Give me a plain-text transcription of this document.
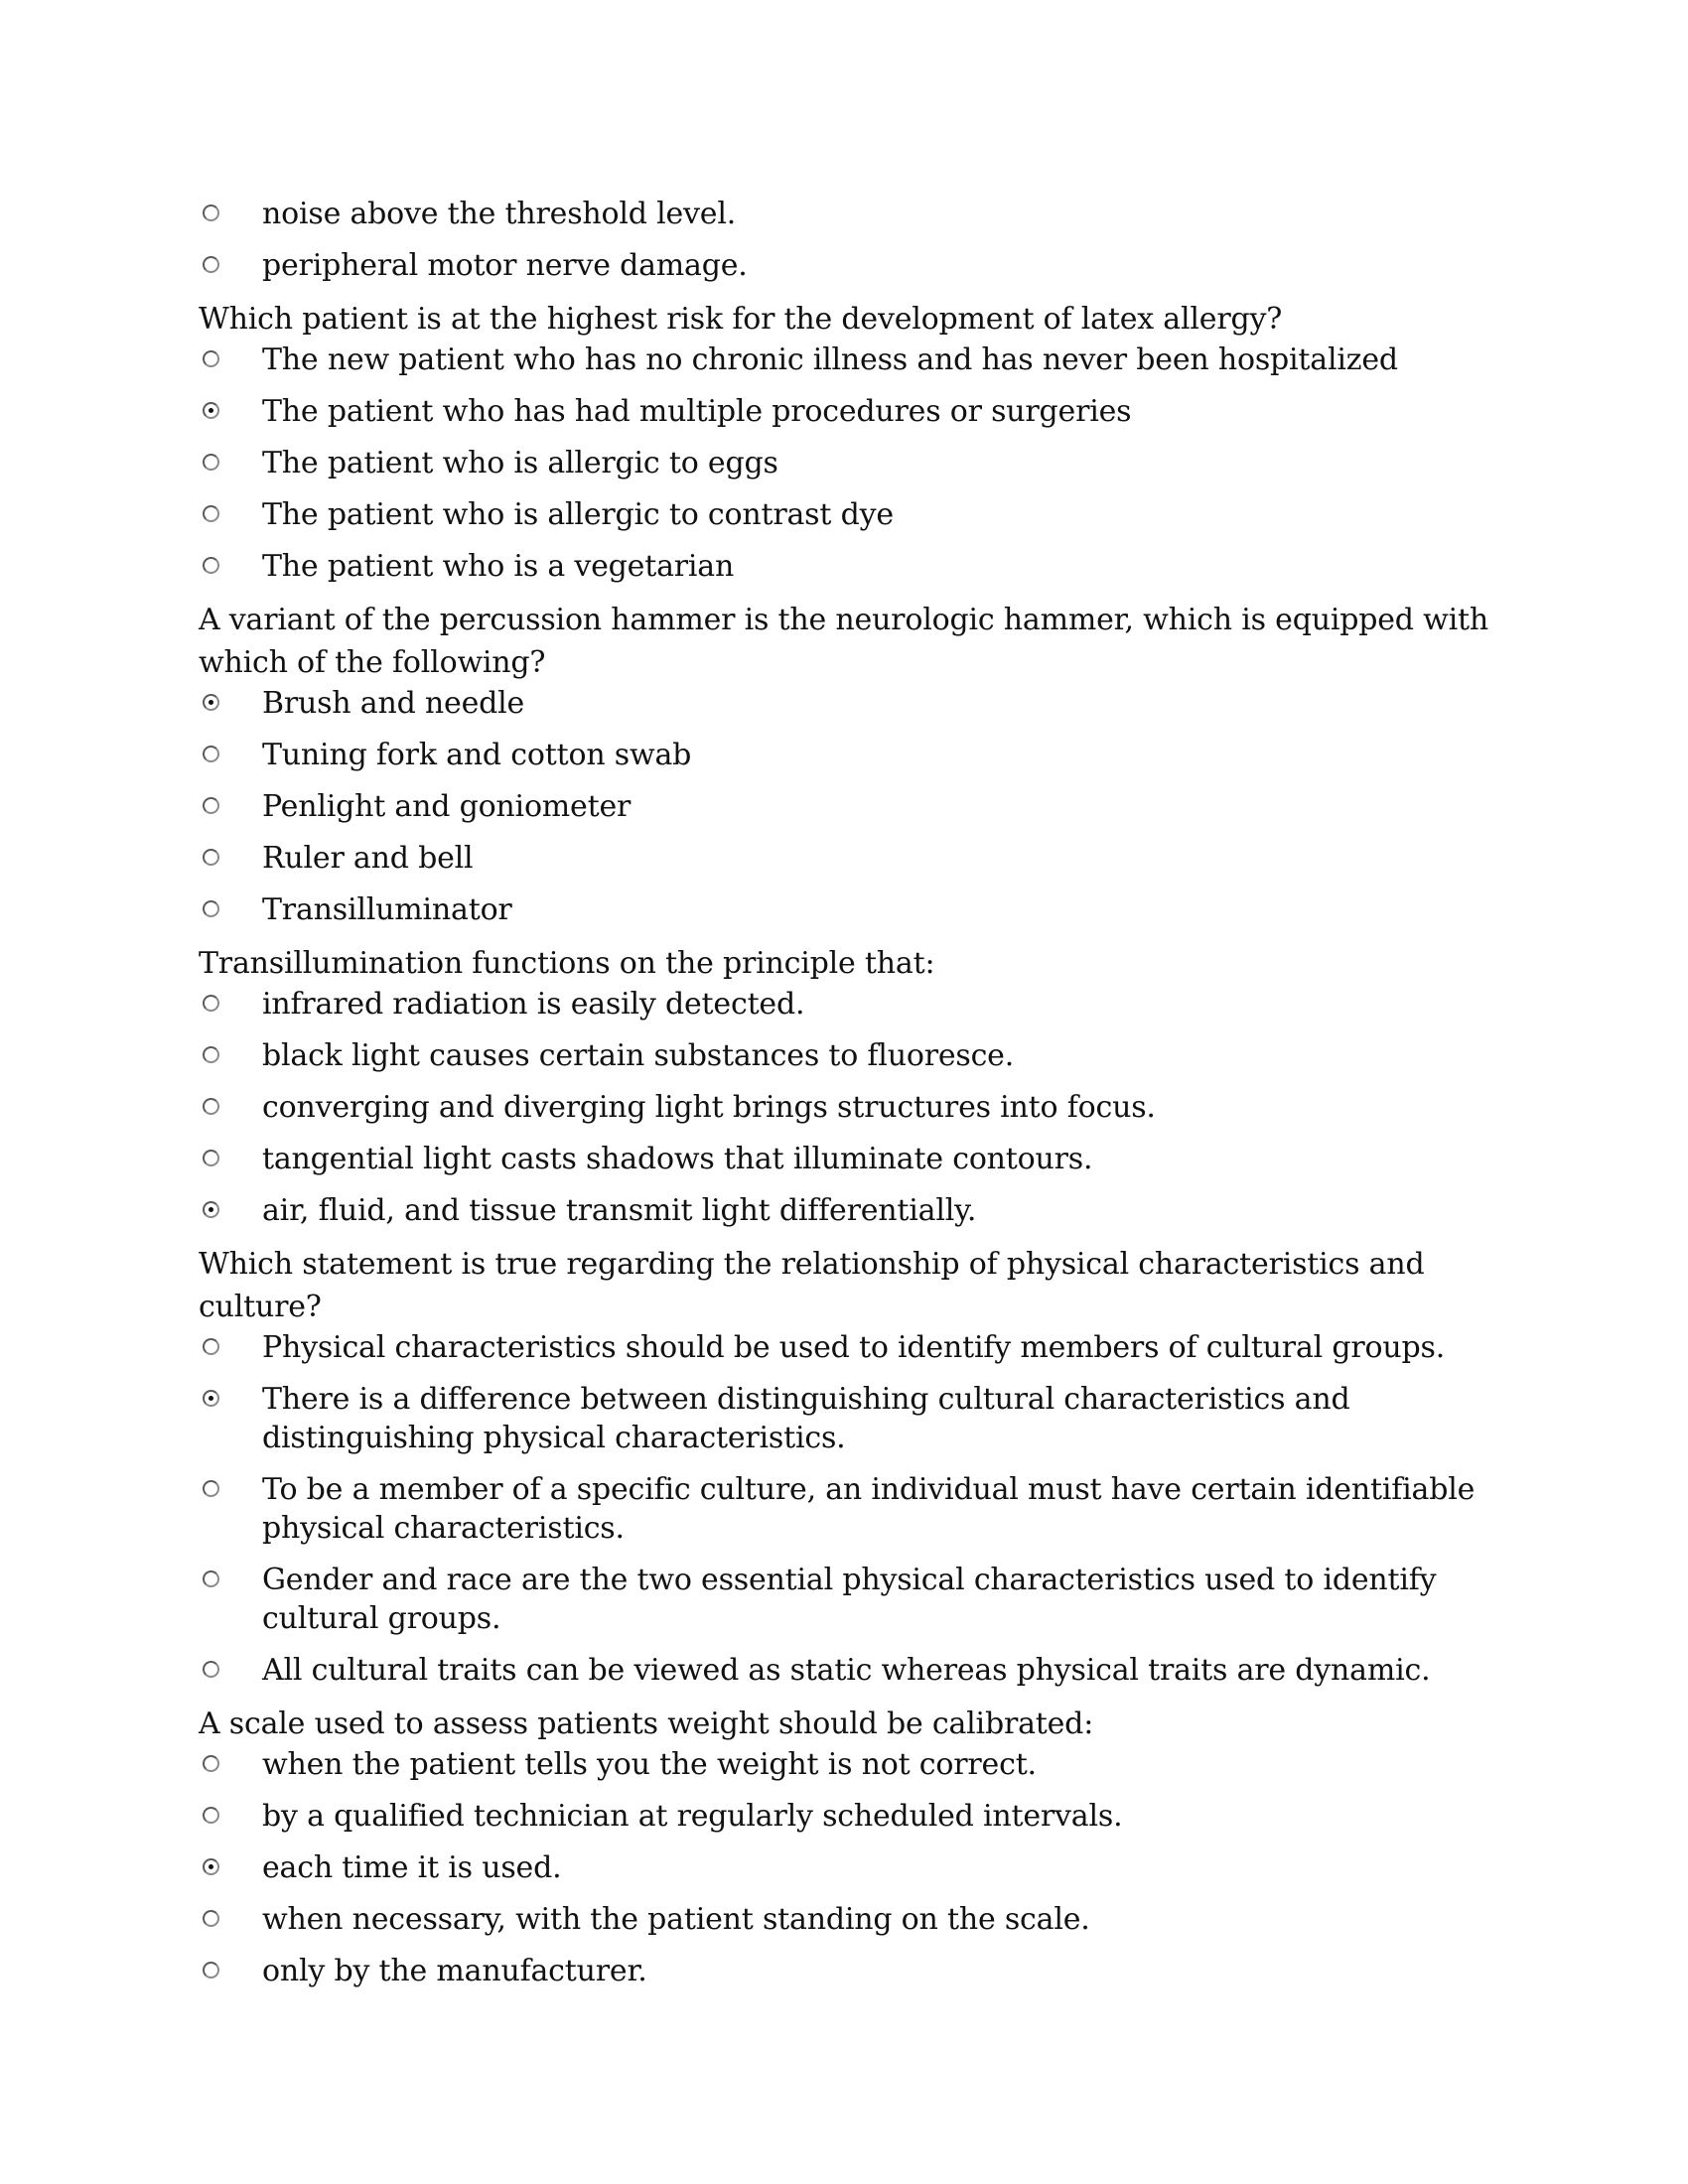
noise above the threshold level.
peripheral motor nerve damage.

Which patient is at the highest risk for the development of latex allergy?

The new patient who has no chronic illness and has never been hospitalized
The patient who has had multiple procedures or surgeries
The patient who is allergic to eggs
The patient who is allergic to contrast dye
The patient who is a vegetarian

A variant of the percussion hammer is the neurologic hammer, which is equipped with which of the following?

Brush and needle
Tuning fork and cotton swab
Penlight and goniometer
Ruler and bell
Transilluminator

Transillumination functions on the principle that:

infrared radiation is easily detected.
black light causes certain substances to fluoresce.
converging and diverging light brings structures into focus.
tangential light casts shadows that illuminate contours.
air, fluid, and tissue transmit light differentially.

Which statement is true regarding the relationship of physical characteristics and culture?

Physical characteristics should be used to identify members of cultural groups.
There is a difference between distinguishing cultural characteristics and distinguishing physical characteristics.
To be a member of a specific culture, an individual must have certain identifiable physical characteristics.
Gender and race are the two essential physical characteristics used to identify cultural groups.
All cultural traits can be viewed as static whereas physical traits are dynamic.

A scale used to assess patients weight should be calibrated:

when the patient tells you the weight is not correct.
by a qualified technician at regularly scheduled intervals.
each time it is used.
when necessary, with the patient standing on the scale.
only by the manufacturer.
